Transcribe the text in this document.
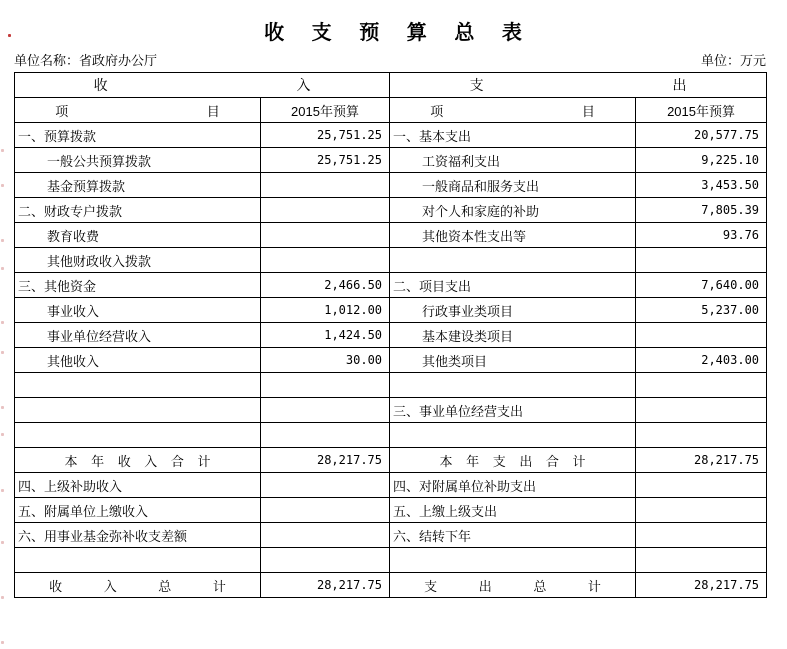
收 支 预 算 总 表
单位名称：省政府办公厅	单位：万元
收 入		支 出	
项 目	2015年预算	项 目	2015年预算
一、预算拨款	25,751.25	一、基本支出	20,577.75
一般公共预算拨款	25,751.25	工资福利支出	9,225.10
基金预算拨款		一般商品和服务支出	3,453.50
二、财政专户拨款		对个人和家庭的补助	7,805.39
教育收费		其他资本性支出等	93.76
其他财政收入拨款			
三、其他资金	2,466.50	二、项目支出	7,640.00
事业收入	1,012.00	行政事业类项目	5,237.00
事业单位经营收入	1,424.50	基本建设类项目	
其他收入	30.00	其他类项目	2,403.00

		三、事业单位经营支出	

本 年 收 入 合 计	28,217.75	本 年 支 出 合 计	28,217.75
四、上级补助收入		四、对附属单位补助支出	
五、附属单位上缴收入		五、上缴上级支出	
六、用事业基金弥补收支差额		六、结转下年	

收 入 总 计	28,217.75	支 出 总 计	28,217.75
